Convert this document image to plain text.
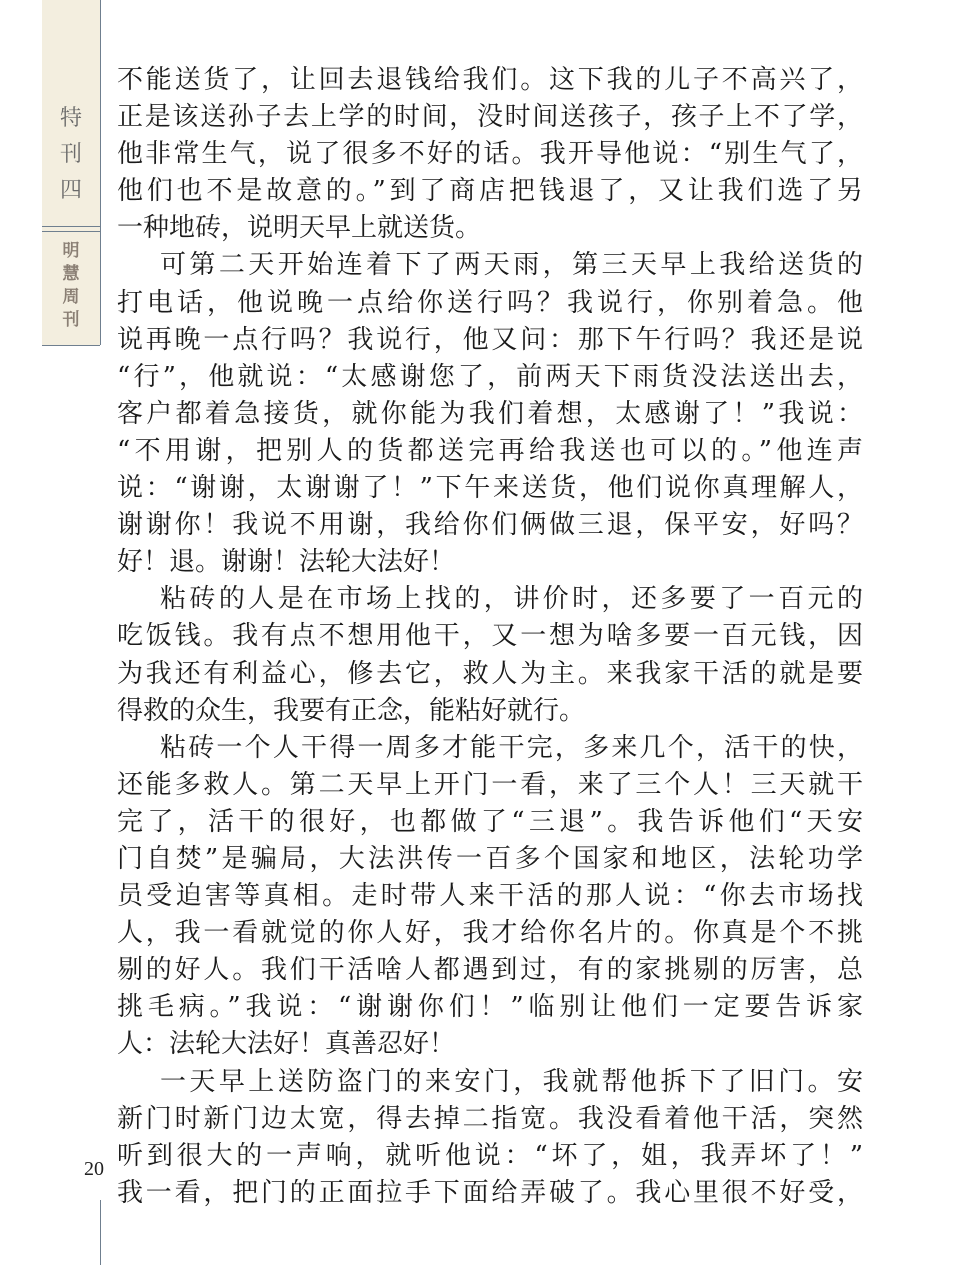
特
刊
四
明
慧
周
刊
20
不能送货了，让回去退钱给我们。这下我的儿子不高兴了，
正是该送孙子去上学的时间，没时间送孩子，孩子上不了学，
他非常生气，说了很多不好的话。我开导他说：“别生气了，
他们也不是故意的。”到了商店把钱退了，又让我们选了另
一种地砖，说明天早上就送货。
可第二天开始连着下了两天雨，第三天早上我给送货的
打电话，他说晚一点给你送行吗？我说行，你别着急。他
说再晚一点行吗？我说行，他又问：那下午行吗？我还是说
“行”，他就说：“太感谢您了，前两天下雨货没法送出去，
客户都着急接货，就你能为我们着想，太感谢了！”我说：
“不用谢，把别人的货都送完再给我送也可以的。”他连声
说：“谢谢，太谢谢了！”下午来送货，他们说你真理解人，
谢谢你！我说不用谢，我给你们俩做三退，保平安，好吗？
好！退。谢谢！法轮大法好！
粘砖的人是在市场上找的，讲价时，还多要了一百元的
吃饭钱。我有点不想用他干，又一想为啥多要一百元钱，因
为我还有利益心，修去它，救人为主。来我家干活的就是要
得救的众生，我要有正念，能粘好就行。
粘砖一个人干得一周多才能干完，多来几个，活干的快，
还能多救人。第二天早上开门一看，来了三个人！三天就干
完了，活干的很好，也都做了“三退”。我告诉他们“天安
门自焚”是骗局，大法洪传一百多个国家和地区，法轮功学
员受迫害等真相。走时带人来干活的那人说：“你去市场找
人，我一看就觉的你人好，我才给你名片的。你真是个不挑
剔的好人。我们干活啥人都遇到过，有的家挑剔的厉害，总
挑毛病。”我说：“谢谢你们！”临别让他们一定要告诉家
人：法轮大法好！真善忍好！
一天早上送防盗门的来安门，我就帮他拆下了旧门。安
新门时新门边太宽，得去掉二指宽。我没看着他干活，突然
听到很大的一声响，就听他说：“坏了，姐，我弄坏了！”
我一看，把门的正面拉手下面给弄破了。我心里很不好受，
